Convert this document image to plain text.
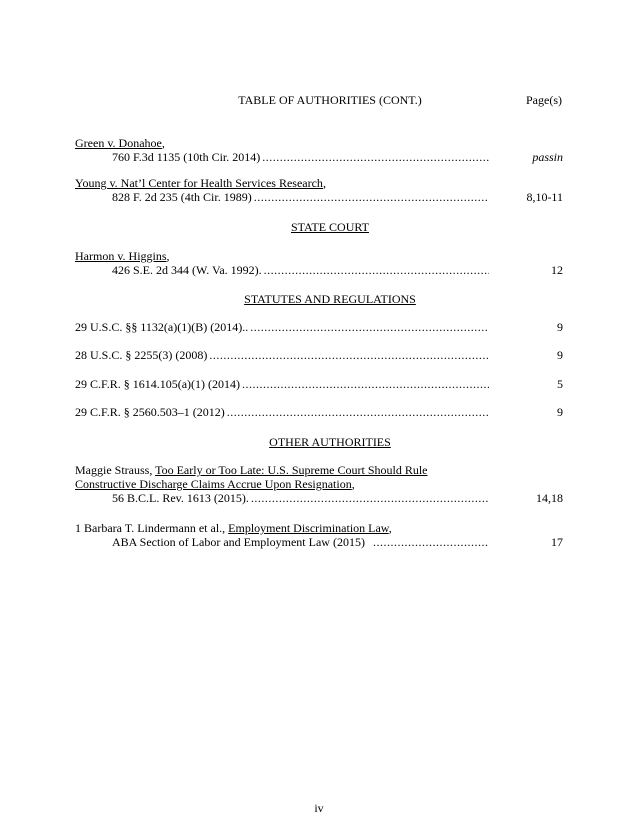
TABLE OF AUTHORITIES (CONT.)	Page(s)
Green v. Donahoe,
760 F.3d 1135 (10th Cir. 2014) .....	passin
Young v. Nat’l Center for Health Services Research,
828 F. 2d 235 (4th Cir. 1989) .....	8,10-11
STATE COURT
Harmon v. Higgins,
426 S.E. 2d 344 (W. Va. 1992). .....	12
STATUTES AND REGULATIONS
29 U.S.C. §§ 1132(a)(1)(B) (2014).. .....	9
28 U.S.C. § 2255(3) (2008) .....	9
29 C.F.R. § 1614.105(a)(1) (2014) .....	5
29 C.F.R. § 2560.503–1 (2012) .....	9
OTHER AUTHORITIES
Maggie Strauss, Too Early or Too Late: U.S. Supreme Court Should Rule
Constructive Discharge Claims Accrue Upon Resignation,
56 B.C.L. Rev. 1613 (2015). .....	14,18
1 Barbara T. Lindermann et al., Employment Discrimination Law,
ABA Section of Labor and Employment Law (2015) .....	17
iv
